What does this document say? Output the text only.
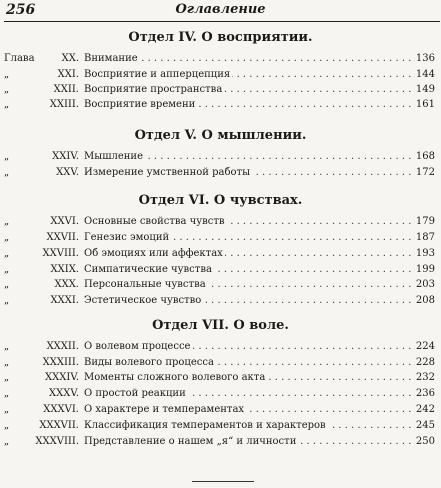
256	Оглавление
Отдел IV. О восприятии.
Глава	XX. Внимание . . .	136
„	XXI. Восприятие и апперцепция . . .	144
„	XXII. Восприятие пространства . . .	149
„	XXIII. Восприятие времени . . .	161
Отдел V. О мышлении.
„	XXIV. Мышление . . .	168
„	XXV. Измерение умственной работы . . .	172
Отдел VI. О чувствах.
„	XXVI. Основные свойства чувств . . .	179
„	XXVII. Генезис эмоций . . .	187
„	XXVIII. Об эмоциях или аффектах . . .	193
„	XXIX. Симпатические чувства . . .	199
„	XXX. Персональные чувства . . .	203
„	XXXI. Эстетическое чувство . . .	208
Отдел VII. О воле.
„	XXXII. О волевом процессе . . .	224
„	XXXIII. Виды волевого процесса . . .	228
„	XXXIV. Моменты сложного волевого акта . . .	232
„	XXXV. О простой реакции . . .	236
„	XXXVI. О характере и темпераментах . . .	242
„	XXXVII. Классификация темпераментов и характеров . . .	245
„	XXXVIII. Представление о нашем „я“ и личности . . .	250
